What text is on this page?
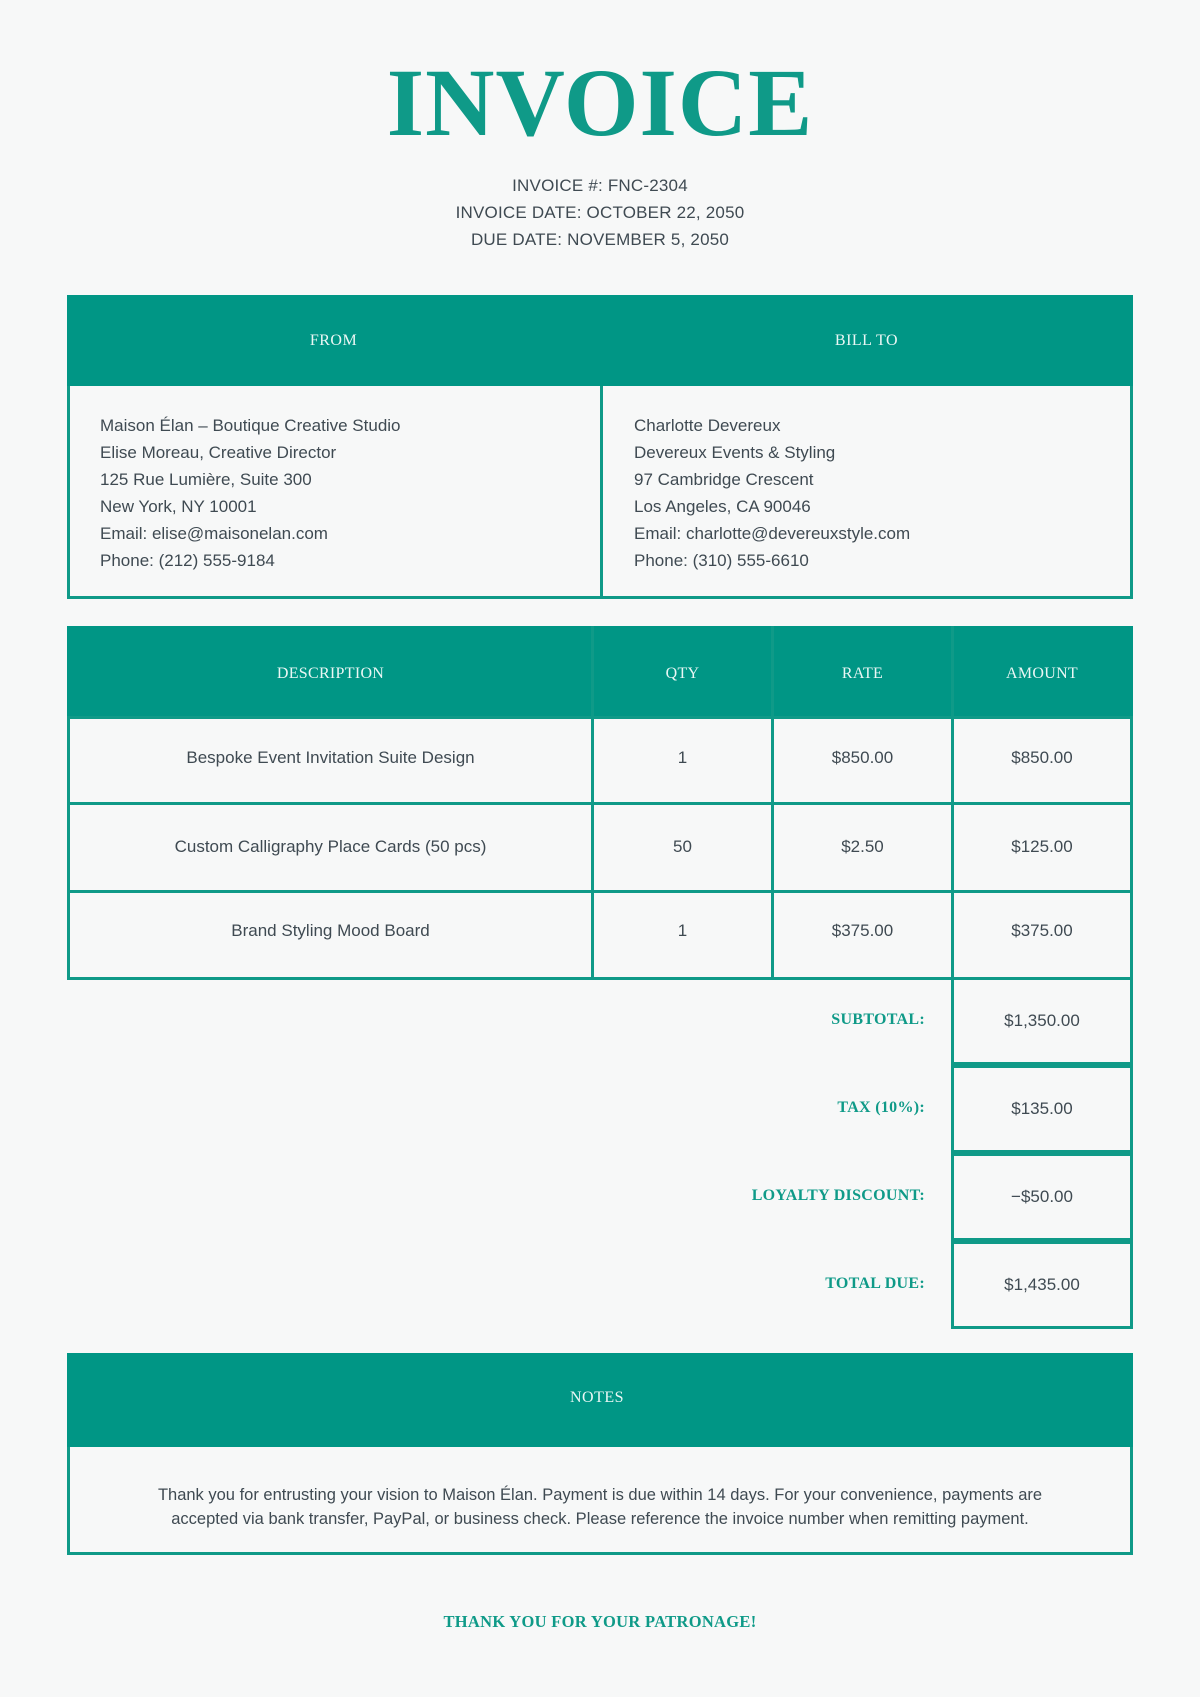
INVOICE
INVOICE #: FNC-2304
INVOICE DATE: OCTOBER 22, 2050
DUE DATE: NOVEMBER 5, 2050
FROM	BILL TO
Maison Élan – Boutique Creative Studio
Elise Moreau, Creative Director
125 Rue Lumière, Suite 300
New York, NY 10001
Email: elise@maisonelan.com
Phone: (212) 555-9184
Charlotte Devereux
Devereux Events & Styling
97 Cambridge Crescent
Los Angeles, CA 90046
Email: charlotte@devereuxstyle.com
Phone: (310) 555-6610
DESCRIPTION	QTY	RATE	AMOUNT
Bespoke Event Invitation Suite Design	1	$850.00	$850.00
Custom Calligraphy Place Cards (50 pcs)	50	$2.50	$125.00
Brand Styling Mood Board	1	$375.00	$375.00
SUBTOTAL:	$1,350.00
TAX (10%):	$135.00
LOYALTY DISCOUNT:	−$50.00
TOTAL DUE:	$1,435.00
NOTES
Thank you for entrusting your vision to Maison Élan. Payment is due within 14 days. For your convenience, payments are
accepted via bank transfer, PayPal, or business check. Please reference the invoice number when remitting payment.
THANK YOU FOR YOUR PATRONAGE!
